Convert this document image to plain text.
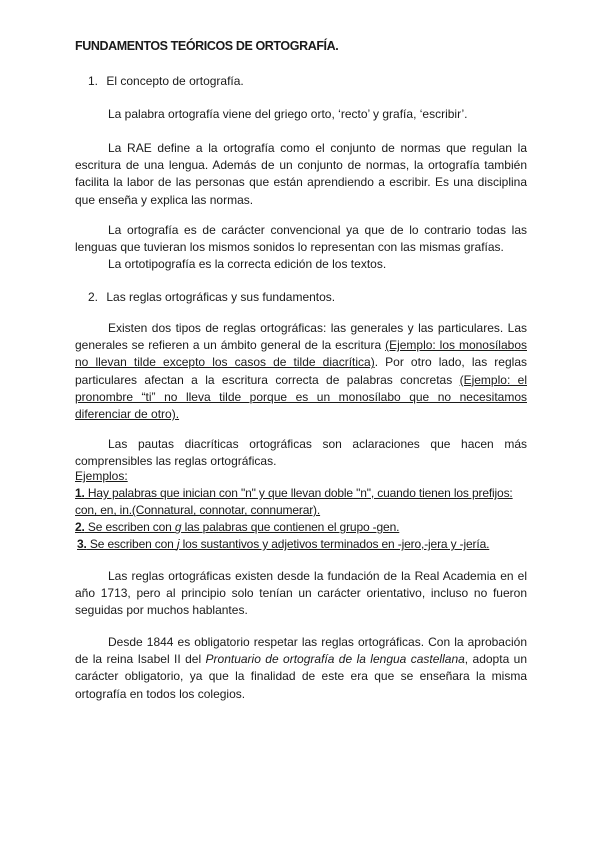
FUNDAMENTOS TEÓRICOS DE ORTOGRAFÍA.

1. El concepto de ortografía.

La palabra ortografía viene del griego orto, ‘recto’ y grafía, ‘escribir’.

La RAE define a la ortografía como el conjunto de normas que regulan la escritura de una lengua. Además de un conjunto de normas, la ortografía también facilita la labor de las personas que están aprendiendo a escribir. Es una disciplina que enseña y explica las normas.

La ortografía es de carácter convencional ya que de lo contrario todas las lenguas que tuvieran los mismos sonidos lo representan con las mismas grafías.

La ortotipografía es la correcta edición de los textos.

2. Las reglas ortográficas y sus fundamentos.

Existen dos tipos de reglas ortográficas: las generales y las particulares. Las generales se refieren a un ámbito general de la escritura (Ejemplo: los monosílabos no llevan tilde excepto los casos de tilde diacrítica). Por otro lado, las reglas particulares afectan a la escritura correcta de palabras concretas (Ejemplo: el pronombre “ti” no lleva tilde porque es un monosílabo que no necesitamos diferenciar de otro).

Las pautas diacríticas ortográficas son aclaraciones que hacen más comprensibles las reglas ortográficas.

Ejemplos:

1. Hay palabras que inician con "n" y que llevan doble "n", cuando tienen los prefijos: con, en, in.(Connatural, connotar, connumerar).

2. Se escriben con g las palabras que contienen el grupo -gen.

3. Se escriben con j los sustantivos y adjetivos terminados en -jero,-jera y -jería.

Las reglas ortográficas existen desde la fundación de la Real Academia en el año 1713, pero al principio solo tenían un carácter orientativo, incluso no fueron seguidas por muchos hablantes.

Desde 1844 es obligatorio respetar las reglas ortográficas. Con la aprobación de la reina Isabel II del Prontuario de ortografía de la lengua castellana, adopta un carácter obligatorio, ya que la finalidad de este era que se enseñara la misma ortografía en todos los colegios.
